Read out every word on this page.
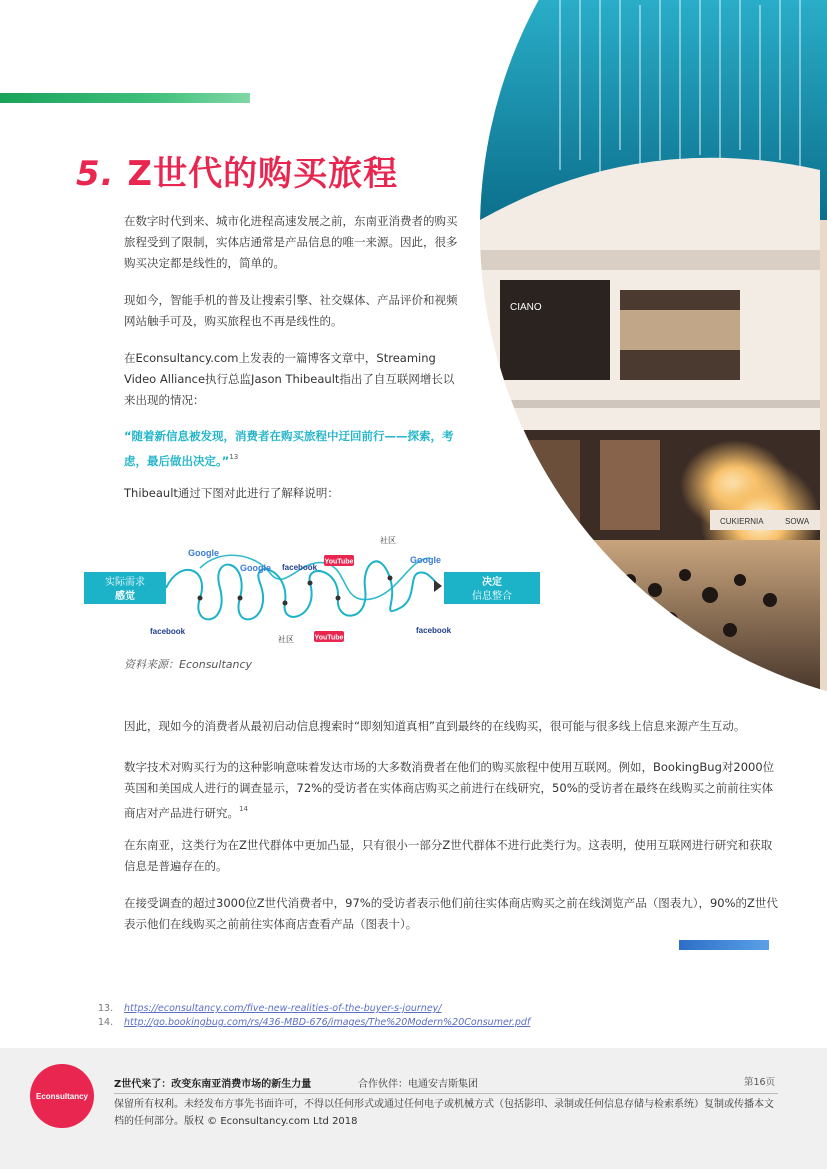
CIANO
CUKIERNIA	SOWA
5. Z世代的购买旅程

在数字时代到来、城市化进程高速发展之前，东南亚消费者的购买旅程受到了限制，实体店通常是产品信息的唯一来源。因此，很多购买决定都是线性的，简单的。

现如今，智能手机的普及让搜索引擎、社交媒体、产品评价和视频网站触手可及，购买旅程也不再是线性的。

在Econsultancy.com上发表的一篇博客文章中，Streaming Video Alliance执行总监Jason Thibeault指出了自互联网增长以来出现的情况：

“随着新信息被发现，消费者在购买旅程中迂回前行——探索，考虑，最后做出决定。”$^{13}$

Thibeault通过下图对此进行了解释说明：

实际需求
感觉
决定
信息整合
Google
Google
Google
facebook
facebook	facebook
YouTube
YouTube
社区
社区

资料来源：Econsultancy

因此，现如今的消费者从最初启动信息搜索时“即刻知道真相”直到最终的在线购买，很可能与很多线上信息来源产生互动。

数字技术对购买行为的这种影响意味着发达市场的大多数消费者在他们的购买旅程中使用互联网。例如，BookingBug对2000位英国和美国成人进行的调查显示，72%的受访者在实体商店购买之前进行在线研究，50%的受访者在最终在线购买之前前往实体商店对产品进行研究。$^{14}$

在东南亚，这类行为在Z世代群体中更加凸显，只有很小一部分Z世代群体不进行此类行为。这表明，使用互联网进行研究和获取信息是普遍存在的。

在接受调查的超过3000位Z世代消费者中，97%的受访者表示他们前往实体商店购买之前在线浏览产品（图表九），90%的Z世代表示他们在线购买之前前往实体商店查看产品（图表十）。

13.	https://econsultancy.com/five-new-realities-of-the-buyer-s-journey/
14.	http://go.bookingbug.com/rs/436-MBD-676/images/The%20Modern%20Consumer.pdf
Econsultancy
Z世代来了：改变东南亚消费市场的新生力量	合作伙伴：电通安吉斯集团	第16页

保留所有权利。未经发布方事先书面许可，不得以任何形式或通过任何电子或机械方式（包括影印、录制或任何信息存储与检索系统）复制或传播本文档的任何部分。版权 © Econsultancy.com Ltd 2018
